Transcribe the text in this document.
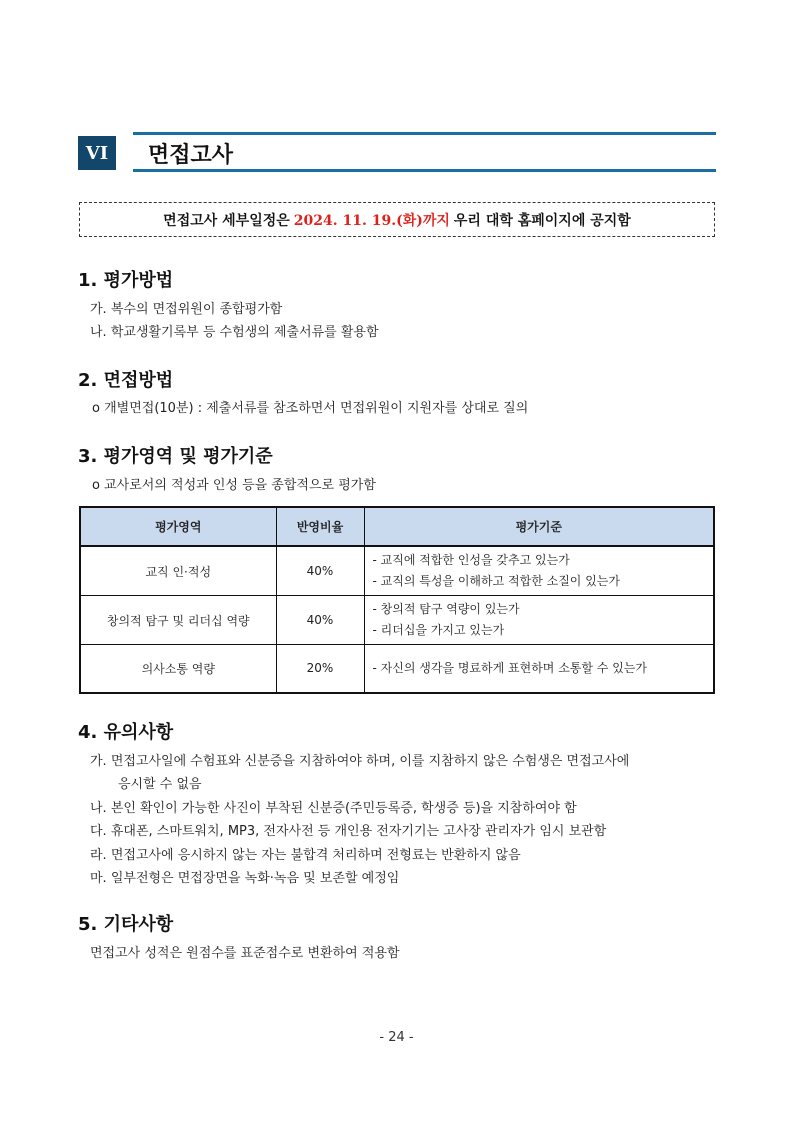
VI	면접고사
면접고사 세부일정은 2024. 11. 19.(화)까지 우리 대학 홈페이지에 공지함
1. 평가방법
가. 복수의 면접위원이 종합평가함
나. 학교생활기록부 등 수험생의 제출서류를 활용함
2. 면접방법
o 개별면접(10분) : 제출서류를 참조하면서 면접위원이 지원자를 상대로 질의
3. 평가영역 및 평가기준
o 교사로서의 적성과 인성 등을 종합적으로 평가함
평가영역	반영비율	평가기준
교직 인·적성	40%	- 교직에 적합한 인성을 갖추고 있는가
- 교직의 특성을 이해하고 적합한 소질이 있는가

창의적 탐구 및 리더십 역량	40%	- 창의적 탐구 역량이 있는가
- 리더십을 가지고 있는가

의사소통 역량	20%	- 자신의 생각을 명료하게 표현하며 소통할 수 있는가
4. 유의사항
가. 면접고사일에 수험표와 신분증을 지참하여야 하며, 이를 지참하지 않은 수험생은 면접고사에
응시할 수 없음
나. 본인 확인이 가능한 사진이 부착된 신분증(주민등록증, 학생증 등)을 지참하여야 함
다. 휴대폰, 스마트워치, MP3, 전자사전 등 개인용 전자기기는 고사장 관리자가 임시 보관함
라. 면접고사에 응시하지 않는 자는 불합격 처리하며 전형료는 반환하지 않음
마. 일부전형은 면접장면을 녹화·녹음 및 보존할 예정임
5. 기타사항
면접고사 성적은 원점수를 표준점수로 변환하여 적용함
- 24 -
